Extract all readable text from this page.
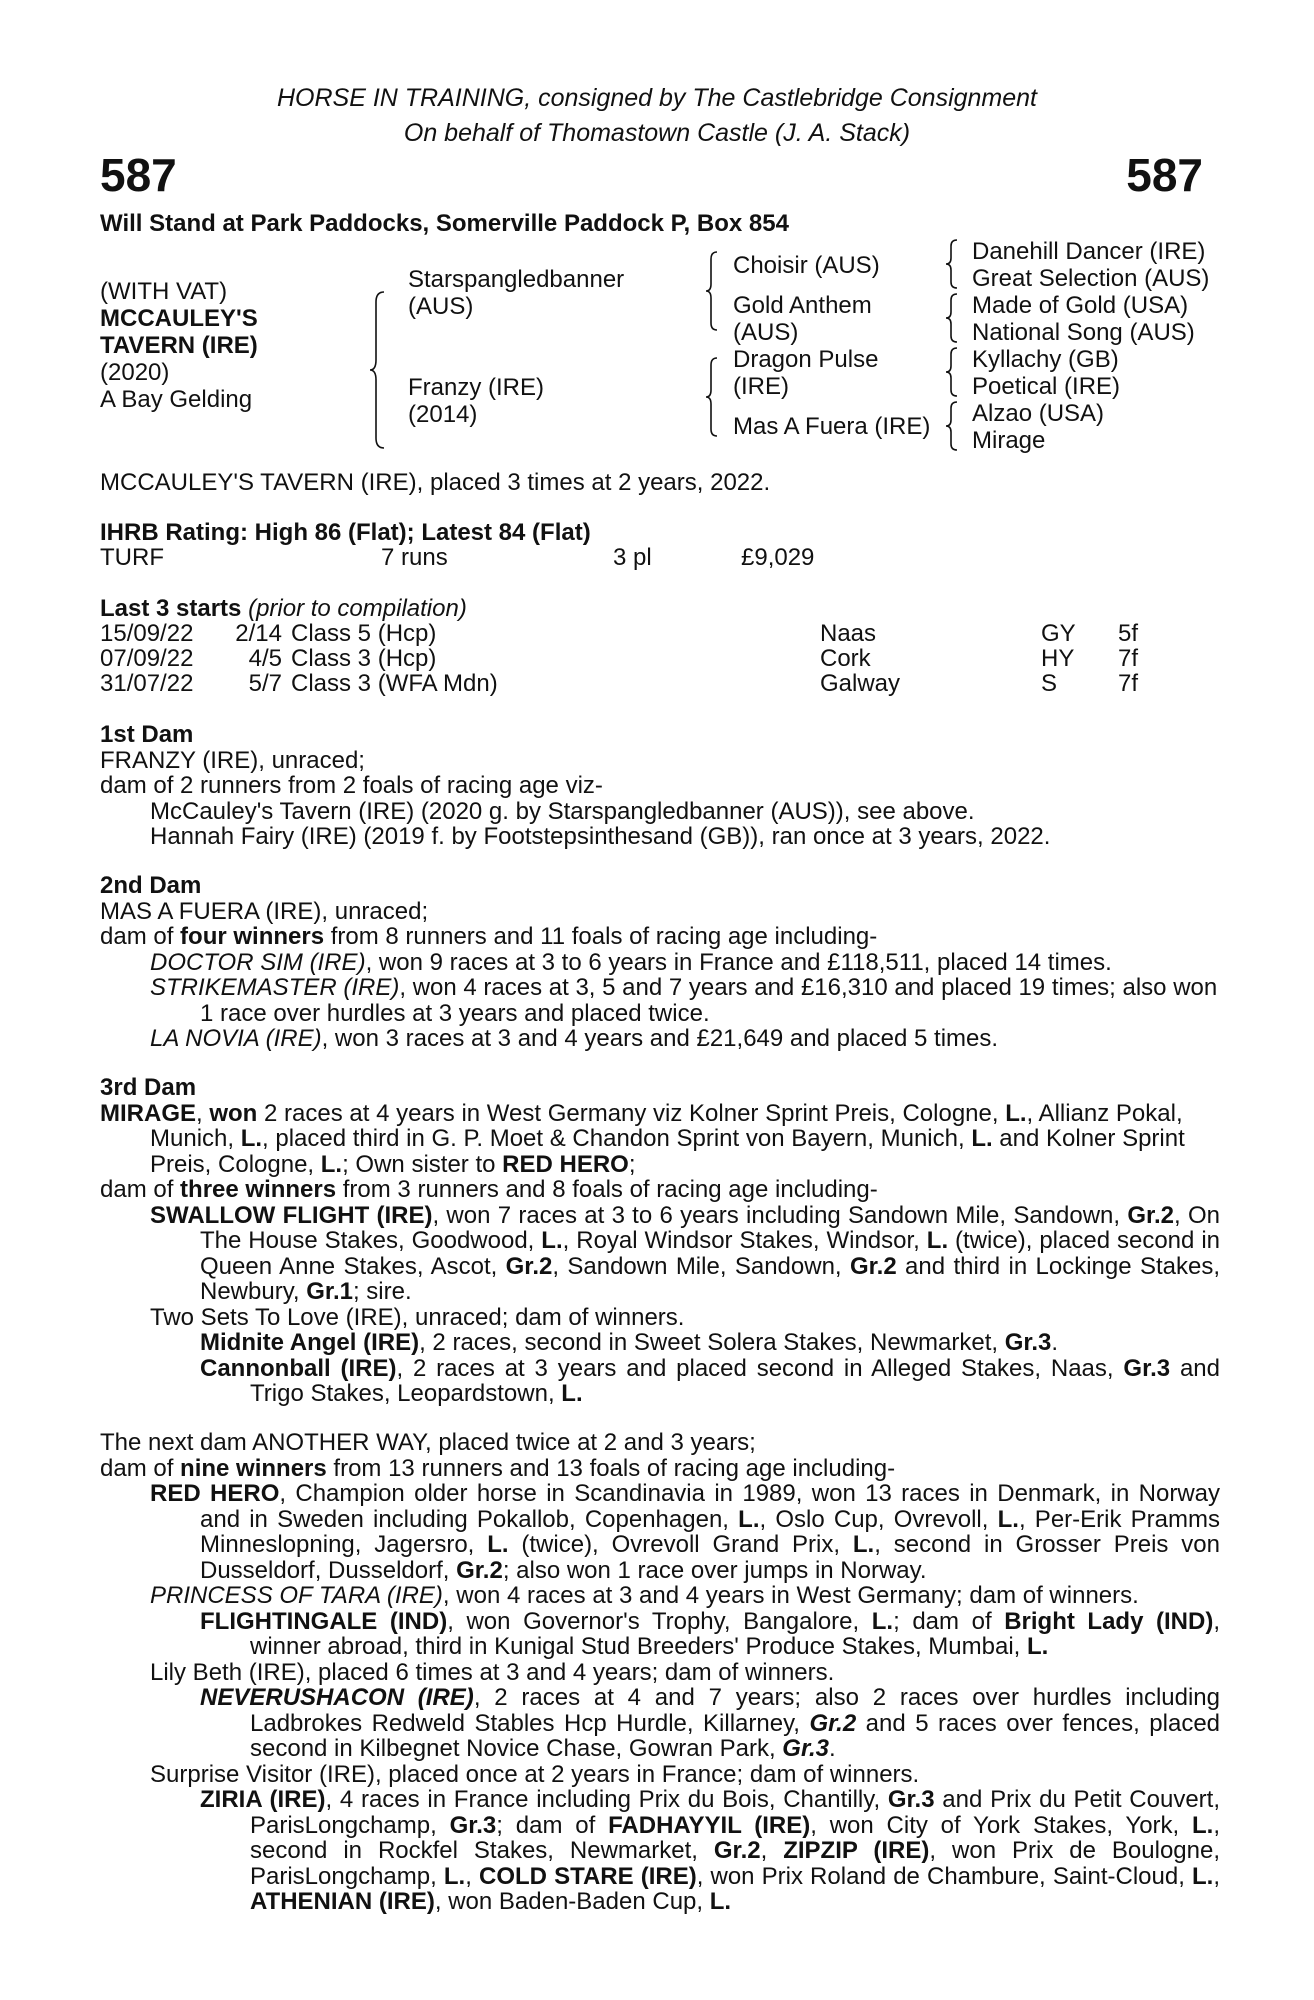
HORSE IN TRAINING, consigned by The Castlebridge Consignment
On behalf of Thomastown Castle (J. A. Stack)
587	587
Will Stand at Park Paddocks, Somerville Paddock P, Box 854
(WITH VAT)
MCCAULEY'S
TAVERN (IRE)
(2020)
A Bay Gelding
Starspangledbanner
(AUS)
Franzy (IRE)
(2014)
Choisir (AUS)
Gold Anthem
(AUS)
Dragon Pulse
(IRE)
Mas A Fuera (IRE)
Danehill Dancer (IRE)
Great Selection (AUS)
Made of Gold (USA)
National Song (AUS)
Kyllachy (GB)
Poetical (IRE)
Alzao (USA)
Mirage
MCCAULEY'S TAVERN (IRE), placed 3 times at 2 years, 2022.
IHRB Rating: High 86 (Flat); Latest 84 (Flat)
TURF	7 runs	3 pl	£9,029
Last 3 starts (prior to compilation)
15/09/22	2/14 Class 5 (Hcp)	Naas	GY 5f
07/09/22	4/5 Class 3 (Hcp)	Cork	HY 7f
31/07/22	5/7 Class 3 (WFA Mdn)	Galway	S	7f

1st Dam

FRANZY (IRE), unraced;

dam of 2 runners from 2 foals of racing age viz-

McCauley's Tavern (IRE) (2020 g. by Starspangledbanner (AUS)), see above.

Hannah Fairy (IRE) (2019 f. by Footstepsinthesand (GB)), ran once at 3 years, 2022.

2nd Dam

MAS A FUERA (IRE), unraced;

dam of four winners from 8 runners and 11 foals of racing age including-

DOCTOR SIM (IRE), won 9 races at 3 to 6 years in France and £118,511, placed 14 times.

STRIKEMASTER (IRE), won 4 races at 3, 5 and 7 years and £16,310 and placed 19 times; also won 1 race over hurdles at 3 years and placed twice.

LA NOVIA (IRE), won 3 races at 3 and 4 years and £21,649 and placed 5 times.

3rd Dam

MIRAGE, won 2 races at 4 years in West Germany viz Kolner Sprint Preis, Cologne, L., Allianz Pokal, Munich, L., placed third in G. P. Moet & Chandon Sprint von Bayern, Munich, L. and Kolner Sprint Preis, Cologne, L.; Own sister to RED HERO;

dam of three winners from 3 runners and 8 foals of racing age including-

SWALLOW FLIGHT (IRE), won 7 races at 3 to 6 years including Sandown Mile, Sandown, Gr.2, On The House Stakes, Goodwood, L., Royal Windsor Stakes, Windsor, L. (twice), placed second in Queen Anne Stakes, Ascot, Gr.2, Sandown Mile, Sandown, Gr.2 and third in Lockinge Stakes, Newbury, Gr.1; sire.

Two Sets To Love (IRE), unraced; dam of winners.

Midnite Angel (IRE), 2 races, second in Sweet Solera Stakes, Newmarket, Gr.3.

Cannonball (IRE), 2 races at 3 years and placed second in Alleged Stakes, Naas, Gr.3 and Trigo Stakes, Leopardstown, L.

The next dam ANOTHER WAY, placed twice at 2 and 3 years;

dam of nine winners from 13 runners and 13 foals of racing age including-

RED HERO, Champion older horse in Scandinavia in 1989, won 13 races in Denmark, in Norway and in Sweden including Pokallob, Copenhagen, L., Oslo Cup, Ovrevoll, L., Per-Erik Pramms Minneslopning, Jagersro, L. (twice), Ovrevoll Grand Prix, L., second in Grosser Preis von Dusseldorf, Dusseldorf, Gr.2; also won 1 race over jumps in Norway.

PRINCESS OF TARA (IRE), won 4 races at 3 and 4 years in West Germany; dam of winners.

FLIGHTINGALE (IND), won Governor's Trophy, Bangalore, L.; dam of Bright Lady (IND), winner abroad, third in Kunigal Stud Breeders' Produce Stakes, Mumbai, L.

Lily Beth (IRE), placed 6 times at 3 and 4 years; dam of winners.

NEVERUSHACON (IRE), 2 races at 4 and 7 years; also 2 races over hurdles including Ladbrokes Redweld Stables Hcp Hurdle, Killarney, Gr.2 and 5 races over fences, placed second in Kilbegnet Novice Chase, Gowran Park, Gr.3.

Surprise Visitor (IRE), placed once at 2 years in France; dam of winners.

ZIRIA (IRE), 4 races in France including Prix du Bois, Chantilly, Gr.3 and Prix du Petit Couvert, ParisLongchamp, Gr.3; dam of FADHAYYIL (IRE), won City of York Stakes, York, L., second in Rockfel Stakes, Newmarket, Gr.2, ZIPZIP (IRE), won Prix de Boulogne, ParisLongchamp, L., COLD STARE (IRE), won Prix Roland de Chambure, Saint-Cloud, L., ATHENIAN (IRE), won Baden-Baden Cup, L.
